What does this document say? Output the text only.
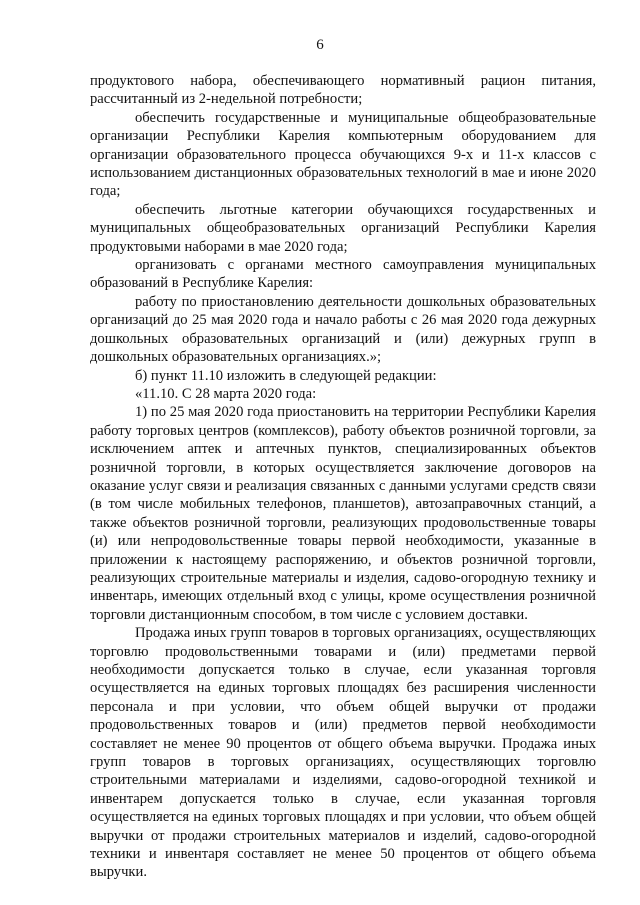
6

продуктового набора, обеспечивающего нормативный рацион питания, рассчитанный из 2-недельной потребности;

обеспечить государственные и муниципальные общеобразовательные организации Республики Карелия компьютерным оборудованием для организации образовательного процесса обучающихся 9-х и 11-х классов с использованием дистанционных образовательных технологий в мае и июне 2020 года;

обеспечить льготные категории обучающихся государственных и муниципальных общеобразовательных организаций Республики Карелия продуктовыми наборами в мае 2020 года;

организовать с органами местного самоуправления муниципальных образований в Республике Карелия:

работу по приостановлению деятельности дошкольных образовательных организаций до 25 мая 2020 года и начало работы с 26 мая 2020 года дежурных дошкольных образовательных организаций и (или) дежурных групп в дошкольных образовательных организациях.»;

б) пункт 11.10 изложить в следующей редакции:

«11.10. С 28 марта 2020 года:

1) по 25 мая 2020 года приостановить на территории Республики Карелия работу торговых центров (комплексов), работу объектов розничной торговли, за исключением аптек и аптечных пунктов, специализированных объектов розничной торговли, в которых осуществляется заключение договоров на оказание услуг связи и реализация связанных с данными услугами средств связи (в том числе мобильных телефонов, планшетов), автозаправочных станций, а также объектов розничной торговли, реализующих продовольственные товары (и) или непродовольственные товары первой необходимости, указанные в приложении к настоящему распоряжению, и объектов розничной торговли, реализующих строительные материалы и изделия, садово-огородную технику и инвентарь, имеющих отдельный вход с улицы, кроме осуществления розничной торговли дистанционным способом, в том числе с условием доставки.

Продажа иных групп товаров в торговых организациях, осуществляющих торговлю продовольственными товарами и (или) предметами первой необходимости допускается только в случае, если указанная торговля осуществляется на единых торговых площадях без расширения численности персонала и при условии, что объем общей выручки от продажи продовольственных товаров и (или) предметов первой необходимости составляет не менее 90 процентов от общего объема выручки. Продажа иных групп товаров в торговых организациях, осуществляющих торговлю строительными материалами и изделиями, садово-огородной техникой и инвентарем допускается только в случае, если указанная торговля осуществляется на единых торговых площадях и при условии, что объем общей выручки от продажи строительных материалов и изделий, садово-огородной техники и инвентаря составляет не менее 50 процентов от общего объема выручки.
